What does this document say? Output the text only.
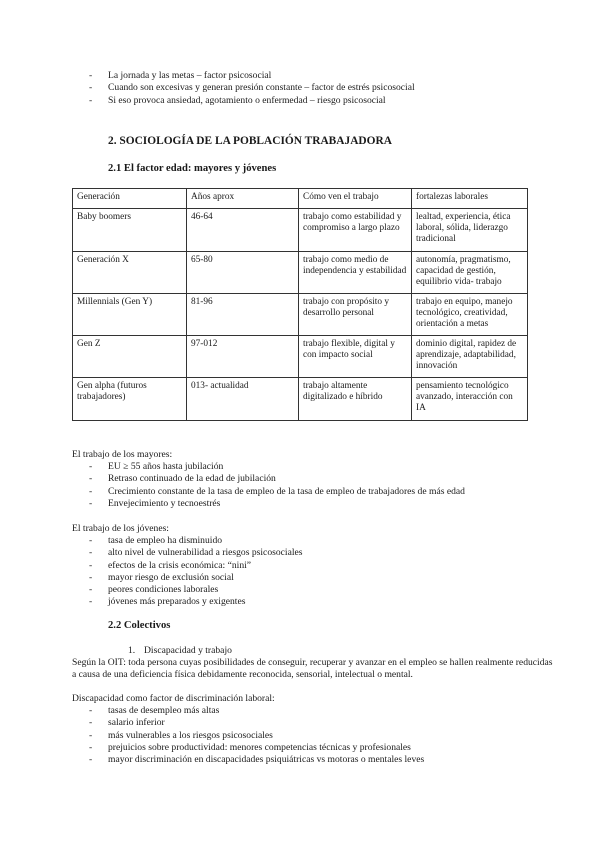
- La jornada y las metas – factor psicosocial
- Cuando son excesivas y generan presión constante – factor de estrés psicosocial
- Si eso provoca ansiedad, agotamiento o enfermedad – riesgo psicosocial
2. SOCIOLOGÍA DE LA POBLACIÓN TRABAJADORA
2.1 El factor edad: mayores y jóvenes
Generación	Años aprox	Cómo ven el trabajo	fortalezas laborales
Baby boomers	46-64	trabajo como estabilidad y compromiso a largo plazo	lealtad, experiencia, ética laboral, sólida, liderazgo tradicional
Generación X	65-80	trabajo como medio de independencia y estabilidad	autonomía, pragmatismo, capacidad de gestión, equilibrio vida- trabajo
Millennials (Gen Y)	81-96	trabajo con propósito y desarrollo personal	trabajo en equipo, manejo tecnológico, creatividad, orientación a metas
Gen Z	97-012	trabajo flexible, digital y con impacto social	dominio digital, rapidez de aprendizaje, adaptabilidad, innovación
Gen alpha (futuros trabajadores)	013- actualidad	trabajo altamente digitalizado e híbrido	pensamiento tecnológico avanzado, interacción con IA
El trabajo de los mayores:
- EU ≥ 55 años hasta jubilación
- Retraso continuado de la edad de jubilación
- Crecimiento constante de la tasa de empleo de la tasa de empleo de trabajadores de más edad
- Envejecimiento y tecnoestrés
El trabajo de los jóvenes:
- tasa de empleo ha disminuido
- alto nivel de vulnerabilidad a riesgos psicosociales
- efectos de la crisis económica: “nini”
- mayor riesgo de exclusión social
- peores condiciones laborales
- jóvenes más preparados y exigentes
2.2 Colectivos
1. Discapacidad y trabajo
Según la OIT: toda persona cuyas posibilidades de conseguir, recuperar y avanzar en el empleo se hallen realmente reducidas
a causa de una deficiencia física debidamente reconocida, sensorial, intelectual o mental.
Discapacidad como factor de discriminación laboral:
- tasas de desempleo más altas
- salario inferior
- más vulnerables a los riesgos psicosociales
- prejuicios sobre productividad: menores competencias técnicas y profesionales
- mayor discriminación en discapacidades psiquiátricas vs motoras o mentales leves
